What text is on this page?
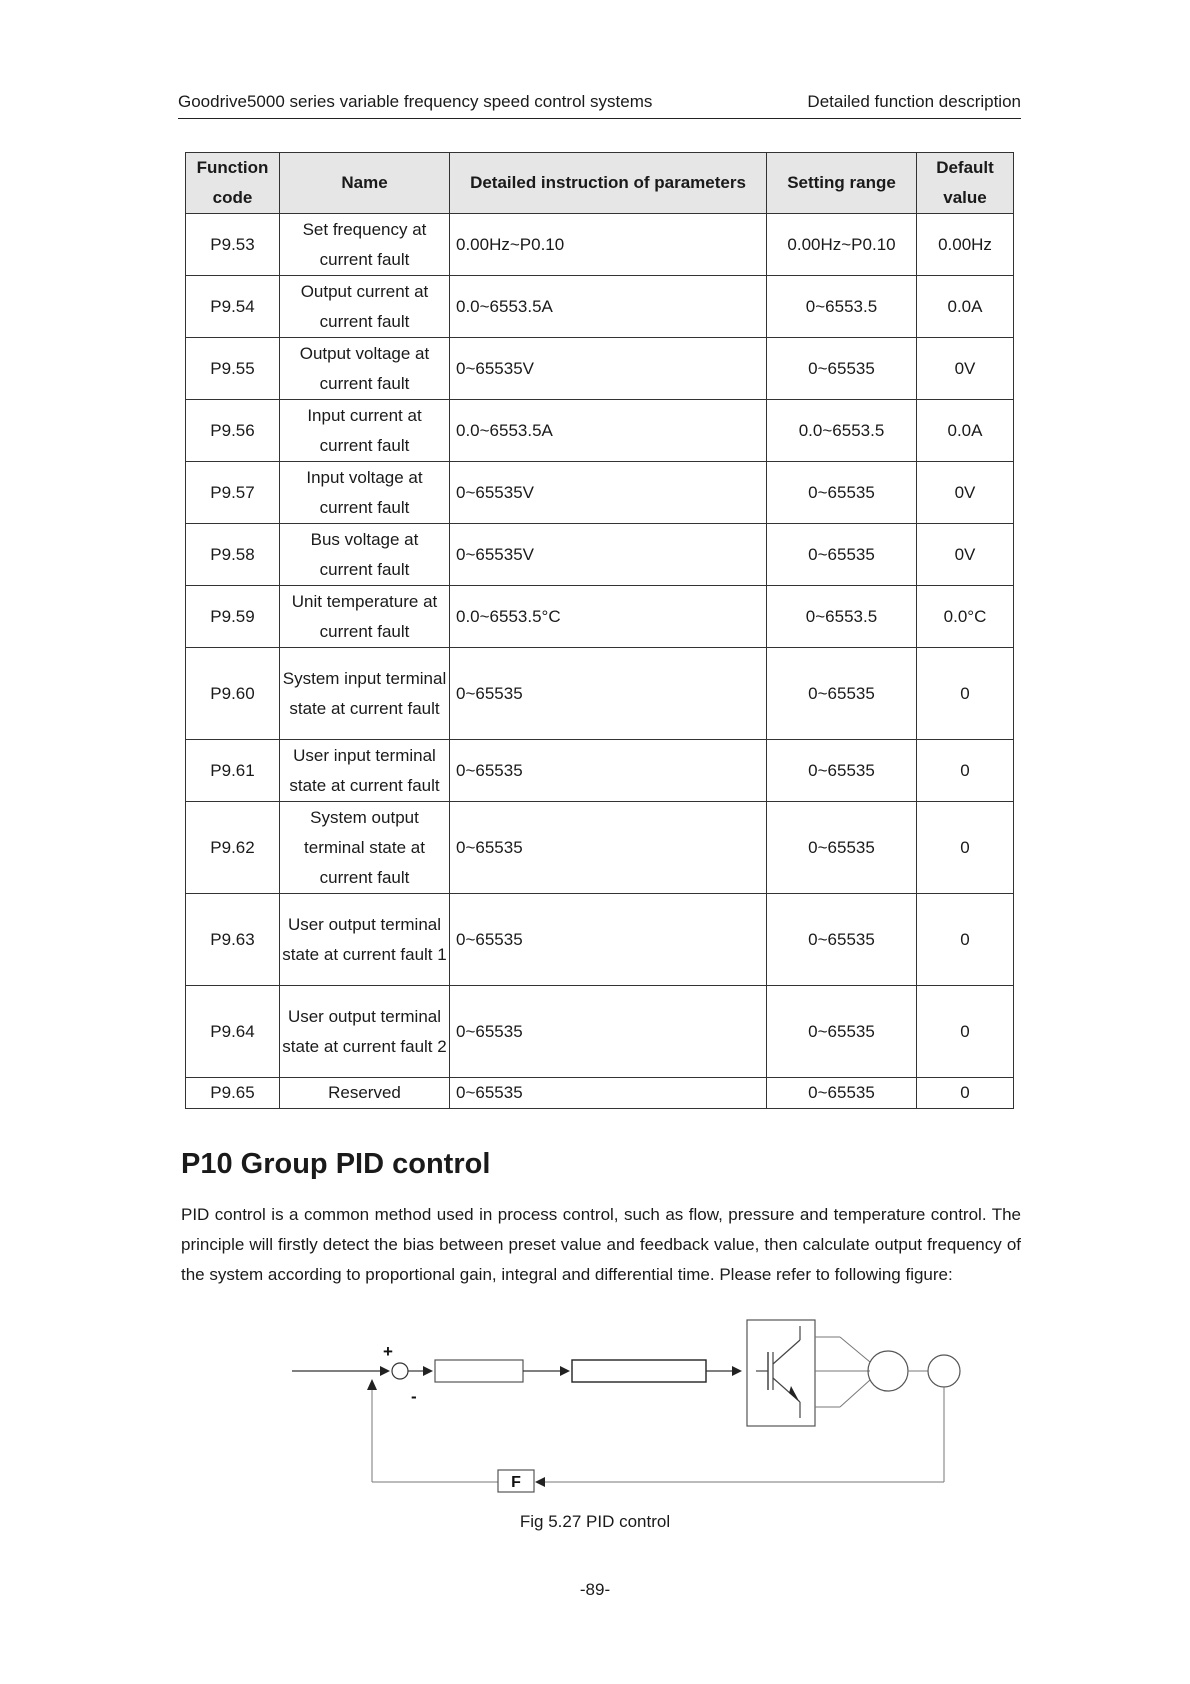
Goodrive5000 series variable frequency speed control systems	Detailed function description
Function code	Name	Detailed instruction of parameters	Setting range	Default value
P9.53	Set frequency at current fault	0.00Hz~P0.10	0.00Hz~P0.10	0.00Hz
P9.54	Output current at current fault	0.0~6553.5A	0~6553.5	0.0A
P9.55	Output voltage at current fault	0~65535V	0~65535	0V
P9.56	Input current at current fault	0.0~6553.5A	0.0~6553.5	0.0A
P9.57	Input voltage at current fault	0~65535V	0~65535	0V
P9.58	Bus voltage at current fault	0~65535V	0~65535	0V
P9.59	Unit temperature at current fault	0.0~6553.5°C	0~6553.5	0.0°C
P9.60	System input terminal state at current fault	0~65535	0~65535	0
P9.61	User input terminal state at current fault	0~65535	0~65535	0
P9.62	System output terminal state at current fault	0~65535	0~65535	0
P9.63	User output terminal state at current fault 1	0~65535	0~65535	0
P9.64	User output terminal state at current fault 2	0~65535	0~65535	0
P9.65	Reserved	0~65535	0~65535	0
P10 Group PID control

PID control is a common method used in process control, such as flow, pressure and temperature control. The principle will firstly detect the bias between preset value and feedback value, then calculate output frequency of the system according to proportional gain, integral and differential time. Please refer to following figure:

+
-
F
Fig 5.27 PID control
-89-
